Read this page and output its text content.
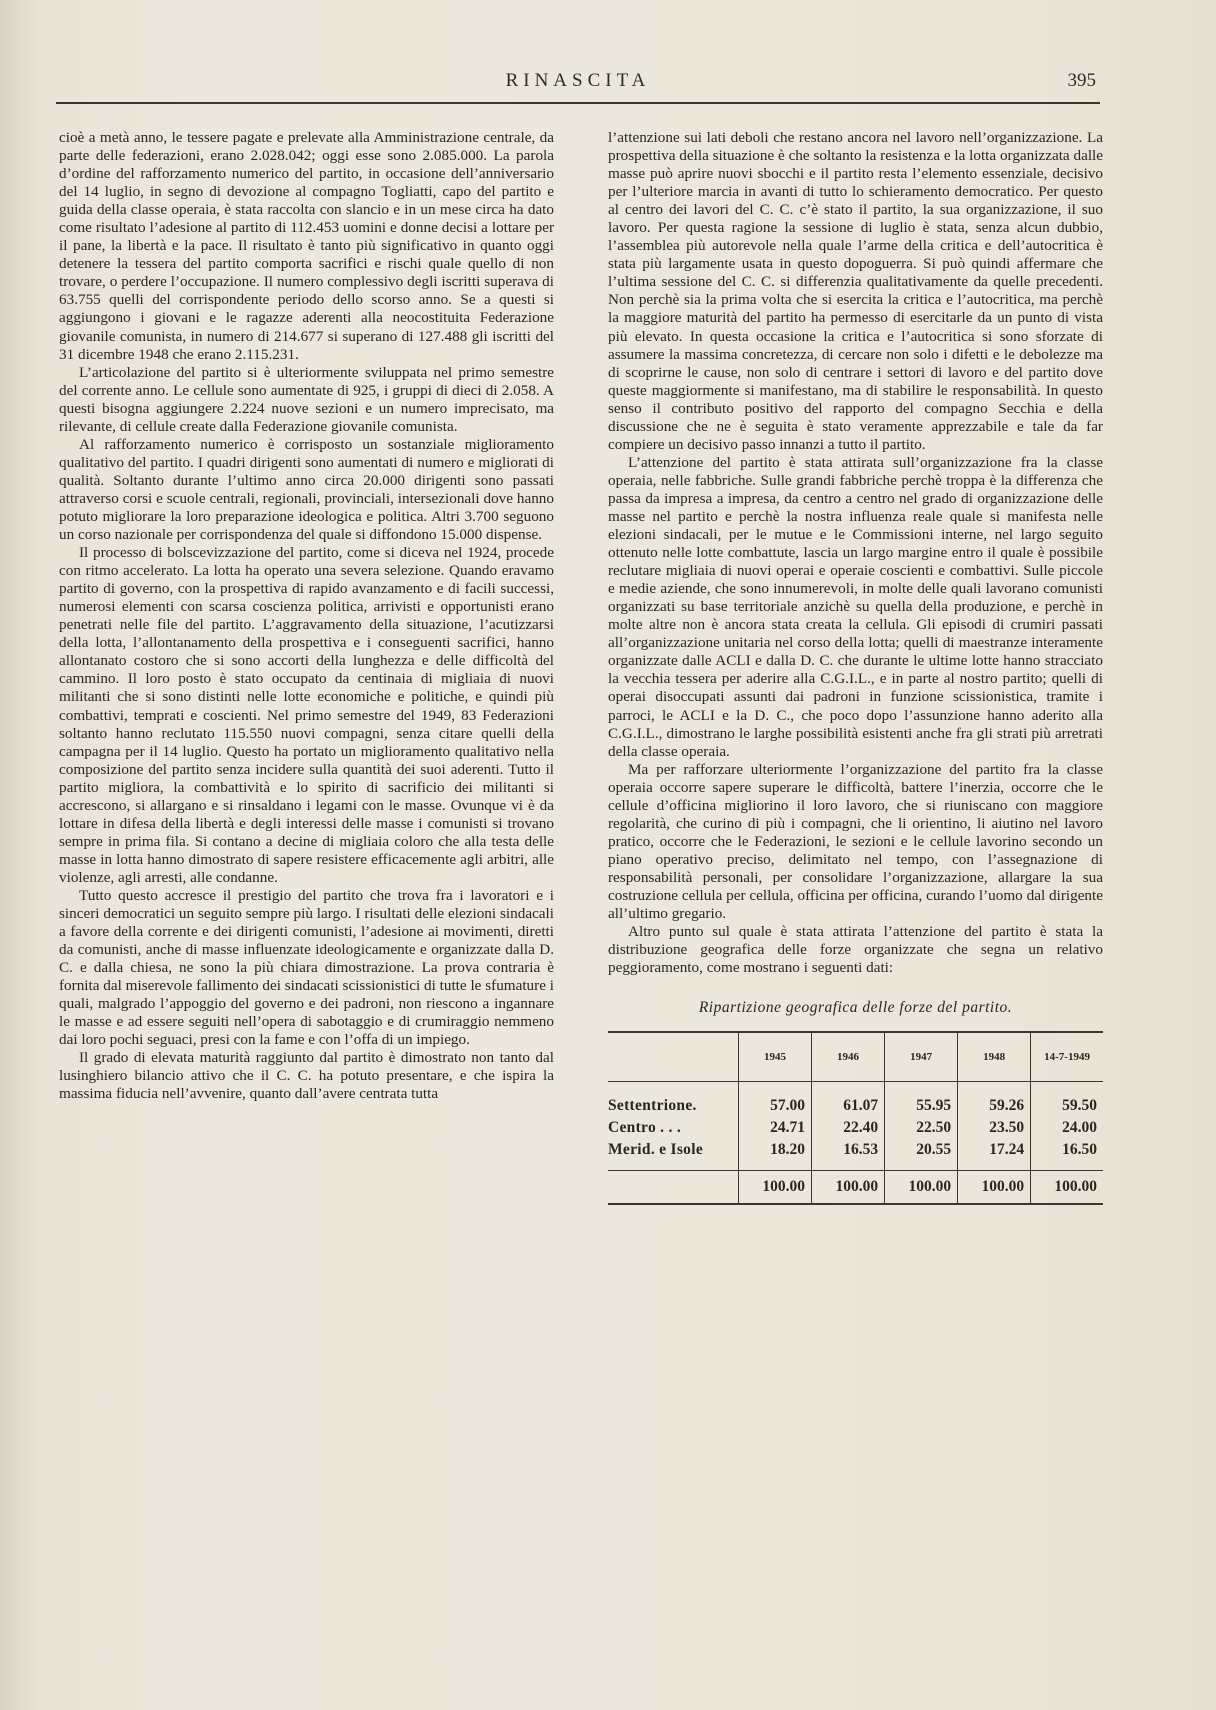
RINASCITA	395

cioè a metà anno, le tessere pagate e prelevate alla Amministrazione centrale, da parte delle federazioni, erano 2.028.042; oggi esse sono 2.085.000. La parola d’ordine del rafforzamento numerico del partito, in occasione dell’anniversario del 14 luglio, in segno di devozione al compagno Togliatti, capo del partito e guida della classe operaia, è stata raccolta con slancio e in un mese circa ha dato come risultato l’adesione al partito di 112.453 uomini e donne decisi a lottare per il pane, la libertà e la pace. Il risultato è tanto più significativo in quanto oggi detenere la tessera del partito comporta sacrifici e rischi quale quello di non trovare, o perdere l’occupazione. Il numero complessivo degli iscritti superava di 63.755 quelli del corrispondente periodo dello scorso anno. Se a questi si aggiungono i giovani e le ragazze aderenti alla neocostituita Federazione giovanile comunista, in numero di 214.677 si superano di 127.488 gli iscritti del 31 dicembre 1948 che erano 2.115.231.

L’articolazione del partito si è ulteriormente sviluppata nel primo semestre del corrente anno. Le cellule sono aumentate di 925, i gruppi di dieci di 2.058. A questi bisogna aggiungere 2.224 nuove sezioni e un numero imprecisato, ma rilevante, di cellule create dalla Federazione giovanile comunista.

Al rafforzamento numerico è corrisposto un sostanziale miglioramento qualitativo del partito. I quadri dirigenti sono aumentati di numero e migliorati di qualità. Soltanto durante l’ultimo anno circa 20.000 dirigenti sono passati attraverso corsi e scuole centrali, regionali, provinciali, intersezionali dove hanno potuto migliorare la loro preparazione ideologica e politica. Altri 3.700 seguono un corso nazionale per corrispondenza del quale si diffondono 15.000 dispense.

Il processo di bolscevizzazione del partito, come si diceva nel 1924, procede con ritmo accelerato. La lotta ha operato una severa selezione. Quando eravamo partito di governo, con la prospettiva di rapido avanzamento e di facili successi, numerosi elementi con scarsa coscienza politica, arrivisti e opportunisti erano penetrati nelle file del partito. L’aggravamento della situazione, l’acutizzarsi della lotta, l’allontanamento della prospettiva e i conseguenti sacrifici, hanno allontanato costoro che si sono accorti della lunghezza e delle difficoltà del cammino. Il loro posto è stato occupato da centinaia di migliaia di nuovi militanti che si sono distinti nelle lotte economiche e politiche, e quindi più combattivi, temprati e coscienti. Nel primo semestre del 1949, 83 Federazioni soltanto hanno reclutato 115.550 nuovi compagni, senza citare quelli della campagna per il 14 luglio. Questo ha portato un miglioramento qualitativo nella composizione del partito senza incidere sulla quantità dei suoi aderenti. Tutto il partito migliora, la combattività e lo spirito di sacrificio dei militanti si accrescono, si allargano e si rinsaldano i legami con le masse. Ovunque vi è da lottare in difesa della libertà e degli interessi delle masse i comunisti si trovano sempre in prima fila. Si contano a decine di migliaia coloro che alla testa delle masse in lotta hanno dimostrato di sapere resistere efficacemente agli arbitri, alle violenze, agli arresti, alle condanne.

Tutto questo accresce il prestigio del partito che trova fra i lavoratori e i sinceri democratici un seguito sempre più largo. I risultati delle elezioni sindacali a favore della corrente e dei dirigenti comunisti, l’adesione ai movimenti, diretti da comunisti, anche di masse influenzate ideologicamente e organizzate dalla D. C. e dalla chiesa, ne sono la più chiara dimostrazione. La prova contraria è fornita dal miserevole fallimento dei sindacati scissionistici di tutte le sfumature i quali, malgrado l’appoggio del governo e dei padroni, non riescono a ingannare le masse e ad essere seguiti nell’opera di sabotaggio e di crumiraggio nemmeno dai loro pochi seguaci, presi con la fame e con l’offa di un impiego.

Il grado di elevata maturità raggiunto dal partito è dimostrato non tanto dal lusinghiero bilancio attivo che il C. C. ha potuto presentare, e che ispira la massima fiducia nell’avvenire, quanto dall’avere centrata tutta

l’attenzione sui lati deboli che restano ancora nel lavoro nell’organizzazione. La prospettiva della situazione è che soltanto la resistenza e la lotta organizzata dalle masse può aprire nuovi sbocchi e il partito resta l’elemento essenziale, decisivo per l’ulteriore marcia in avanti di tutto lo schieramento democratico. Per questo al centro dei lavori del C. C. c’è stato il partito, la sua organizzazione, il suo lavoro. Per questa ragione la sessione di luglio è stata, senza alcun dubbio, l’assemblea più autorevole nella quale l’arme della critica e dell’autocritica è stata più largamente usata in questo dopoguerra. Si può quindi affermare che l’ultima sessione del C. C. si differenzia qualitativamente da quelle precedenti. Non perchè sia la prima volta che si esercita la critica e l’autocritica, ma perchè la maggiore maturità del partito ha permesso di esercitarle da un punto di vista più elevato. In questa occasione la critica e l’autocritica si sono sforzate di assumere la massima concretezza, di cercare non solo i difetti e le debolezze ma di scoprirne le cause, non solo di centrare i settori di lavoro e del partito dove queste maggiormente si manifestano, ma di stabilire le responsabilità. In questo senso il contributo positivo del rapporto del compagno Secchia e della discussione che ne è seguita è stato veramente apprezzabile e tale da far compiere un decisivo passo innanzi a tutto il partito.

L’attenzione del partito è stata attirata sull’organizzazione fra la classe operaia, nelle fabbriche. Sulle grandi fabbriche perchè troppa è la differenza che passa da impresa a impresa, da centro a centro nel grado di organizzazione delle masse nel partito e perchè la nostra influenza reale quale si manifesta nelle elezioni sindacali, per le mutue e le Commissioni interne, nel largo seguito ottenuto nelle lotte combattute, lascia un largo margine entro il quale è possibile reclutare migliaia di nuovi operai e operaie coscienti e combattivi. Sulle piccole e medie aziende, che sono innumerevoli, in molte delle quali lavorano comunisti organizzati su base territoriale anzichè su quella della produzione, e perchè in molte altre non è ancora stata creata la cellula. Gli episodi di crumiri passati all’organizzazione unitaria nel corso della lotta; quelli di maestranze interamente organizzate dalle ACLI e dalla D. C. che durante le ultime lotte hanno stracciato la vecchia tessera per aderire alla C.G.I.L., e in parte al nostro partito; quelli di operai disoccupati assunti dai padroni in funzione scissionistica, tramite i parroci, le ACLI e la D. C., che poco dopo l’assunzione hanno aderito alla C.G.I.L., dimostrano le larghe possibilità esistenti anche fra gli strati più arretrati della classe operaia.

Ma per rafforzare ulteriormente l’organizzazione del partito fra la classe operaia occorre sapere superare le difficoltà, battere l’inerzia, occorre che le cellule d’officina migliorino il loro lavoro, che si riuniscano con maggiore regolarità, che curino di più i compagni, che li orientino, li aiutino nel lavoro pratico, occorre che le Federazioni, le sezioni e le cellule lavorino secondo un piano operativo preciso, delimitato nel tempo, con l’assegnazione di responsabilità personali, per consolidare l’organizzazione, allargare la sua costruzione cellula per cellula, officina per officina, curando l’uomo dal dirigente all’ultimo gregario.

Altro punto sul quale è stata attirata l’attenzione del partito è stata la distribuzione geografica delle forze organizzate che segna un relativo peggioramento, come mostrano i seguenti dati:

Ripartizione geografica delle forze del partito.
	1945	1946	1947	1948	14-7-1949
Settentrione.	57.00	61.07	55.95	59.26	59.50
Centro . . .	24.71	22.40	22.50	23.50	24.00
Merid. e Isole	18.20	16.53	20.55	17.24	16.50
	100.00	100.00	100.00	100.00	100.00
